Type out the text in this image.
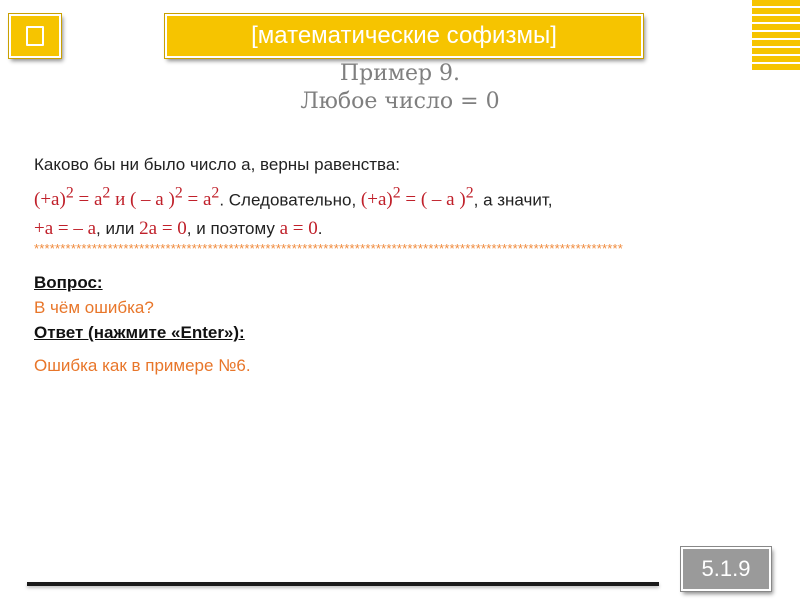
[математические софизмы]
Пример 9.
Любое число = 0
Каково бы ни было число а, верны равенства:
$(+a)^2 = a^2$ и ( – a )$^2 = a^2$. Следовательно, $(+a)^2$ = ( – a )$^2$, а значит,
+a = – a, или 2a = 0, и поэтому a = 0.
****************************************************************************************************************
Вопрос:
В чём ошибка?
Ответ (нажмите «Enter»):
Ошибка как в примере №6.
5.1.9
